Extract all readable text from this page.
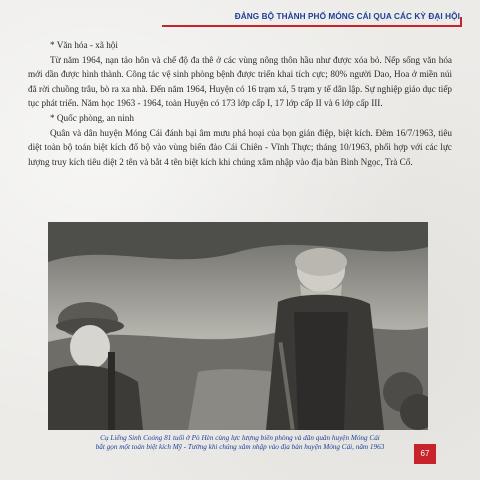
ĐẢNG BỘ THÀNH PHỐ MÓNG CÁI QUA CÁC KỲ ĐẠI HỘI

* Văn hóa - xã hội

Từ năm 1964, nạn tảo hôn và chế độ đa thê ở các vùng nông thôn hầu như được xóa bỏ. Nếp sống văn hóa mới dần được hình thành. Công tác vệ sinh phòng bệnh được triển khai tích cực; 80% người Dao, Hoa ở miền núi đã rời chuồng trâu, bò ra xa nhà. Đến năm 1964, Huyện có 16 trạm xá, 5 trạm y tế dân lập. Sự nghiệp giáo dục tiếp tục phát triển. Năm học 1963 - 1964, toàn Huyện có 173 lớp cấp I, 17 lớp cấp II và 6 lớp cấp III.

* Quốc phòng, an ninh

Quân và dân huyện Móng Cái đánh bại âm mưu phá hoại của bọn gián điệp, biệt kích. Đêm 16/7/1963, tiêu diệt toàn bộ toán biệt kích đổ bộ vào vùng biển đảo Cái Chiên - Vĩnh Thực; tháng 10/1963, phối hợp với các lực lượng truy kích tiêu diệt 2 tên và bắt 4 tên biệt kích khi chúng xâm nhập vào địa bàn Bình Ngọc, Trà Cổ.

Cụ Liếng Sinh Coóng 81 tuổi ở Pò Hèn cùng lực lượng biên phòng và dân quân huyện Móng Cái
bắt gọn một toán biệt kích Mỹ - Tưởng khi chúng xâm nhập vào địa bàn huyện Móng Cái, năm 1963
67
